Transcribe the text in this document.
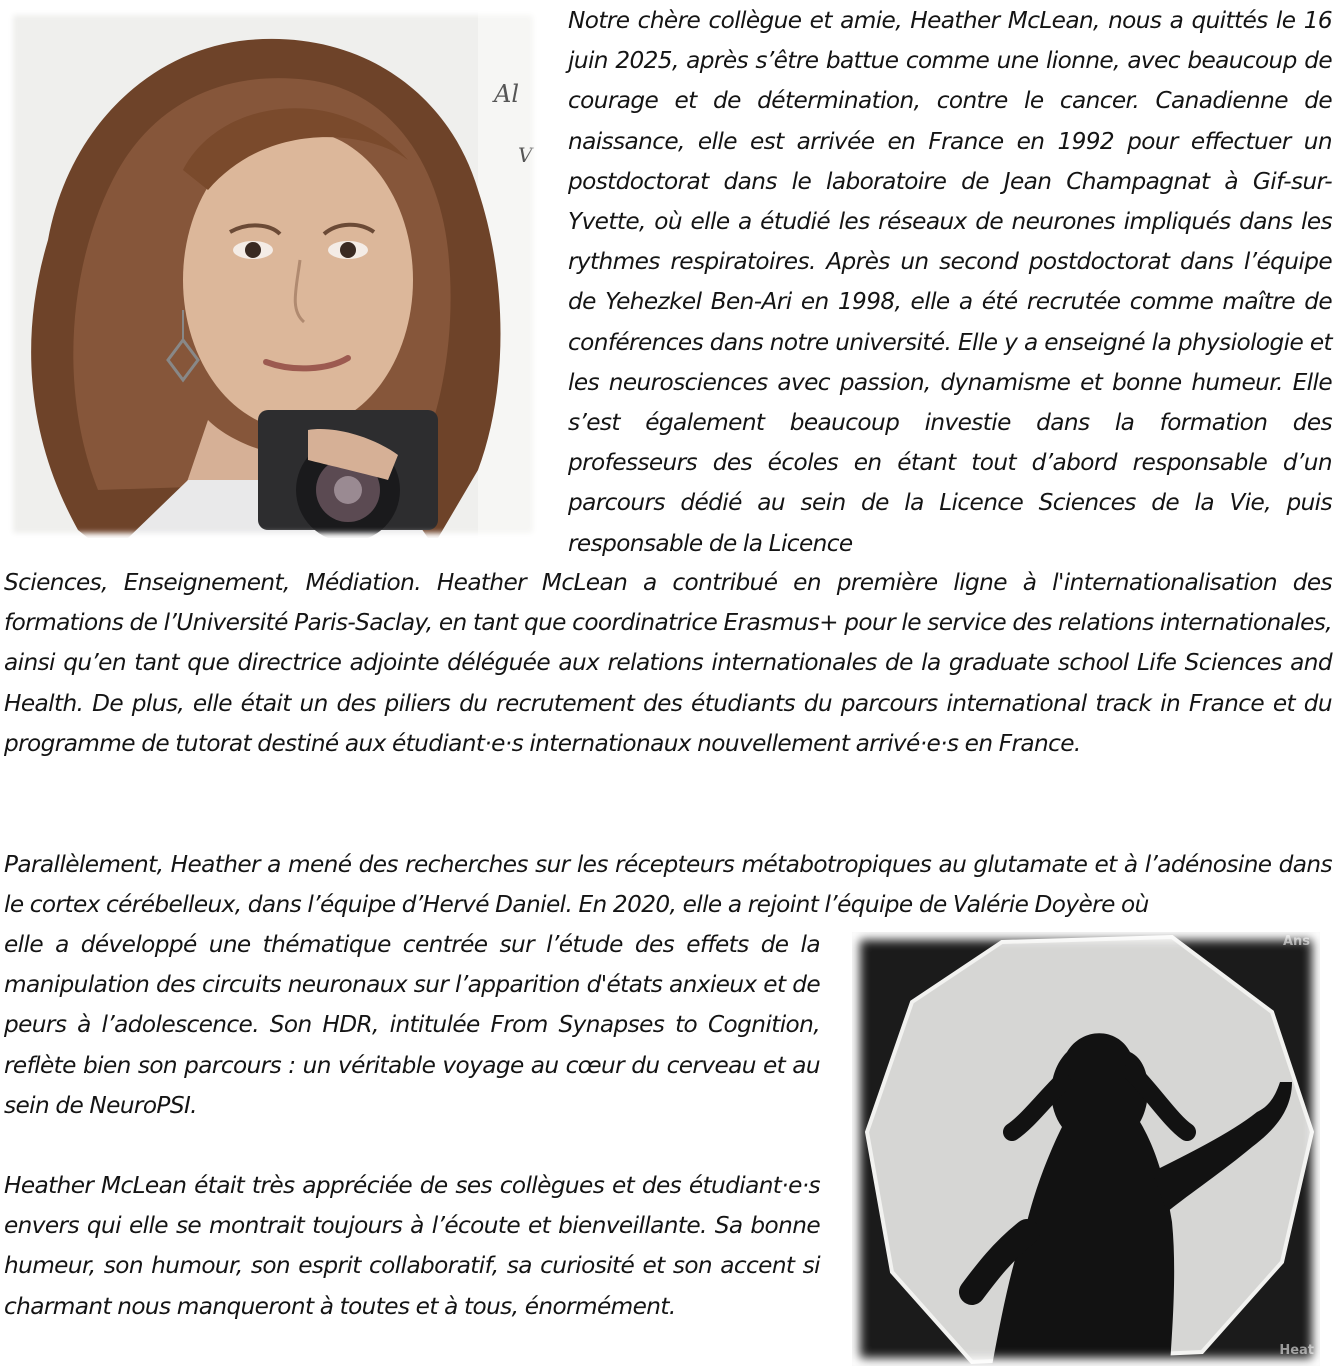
Al
V
Ans
Heat

Notre chère collègue et amie, Heather McLean, nous a quittés le 16 juin 2025, après s’être battue comme une lionne, avec beaucoup de courage et de détermination, contre le cancer. Canadienne de naissance, elle est arrivée en France en 1992 pour effectuer un postdoctorat dans le laboratoire de Jean Champagnat à Gif-sur-Yvette, où elle a étudié les réseaux de neurones impliqués dans les rythmes respiratoires. Après un second postdoctorat dans l’équipe de Yehezkel Ben-Ari en 1998, elle a été recrutée comme maître de conférences dans notre université. Elle y a enseigné la physiologie et les neurosciences avec passion, dynamisme et bonne humeur. Elle s’est également beaucoup investie dans la formation des professeurs des écoles en étant tout d’abord responsable d’un parcours dédié au sein de la Licence Sciences de la Vie, puis responsable de la Licence

Sciences, Enseignement, Médiation. Heather McLean a contribué en première ligne à l'internationalisation des formations de l’Université Paris-Saclay, en tant que coordinatrice Erasmus+ pour le service des relations internationales, ainsi qu’en tant que directrice adjointe déléguée aux relations internationales de la graduate school Life Sciences and Health. De plus, elle était un des piliers du recrutement des étudiants du parcours international track in France et du programme de tutorat destiné aux étudiant·e·s internationaux nouvellement arrivé·e·s en France.

Parallèlement, Heather a mené des recherches sur les récepteurs métabotropiques au glutamate et à l’adénosine dans le cortex cérébelleux, dans l’équipe d’Hervé Daniel. En 2020, elle a rejoint l’équipe de Valérie Doyère où

elle a développé une thématique centrée sur l’étude des effets de la manipulation des circuits neuronaux sur l’apparition d'états anxieux et de peurs à l’adolescence. Son HDR, intitulée From Synapses to Cognition, reflète bien son parcours : un véritable voyage au cœur du cerveau et au sein de NeuroPSI.

Heather McLean était très appréciée de ses collègues et des étudiant·e·s envers qui elle se montrait toujours à l’écoute et bienveillante. Sa bonne humeur, son humour, son esprit collaboratif, sa curiosité et son accent si charmant nous manqueront à toutes et à tous, énormément.
